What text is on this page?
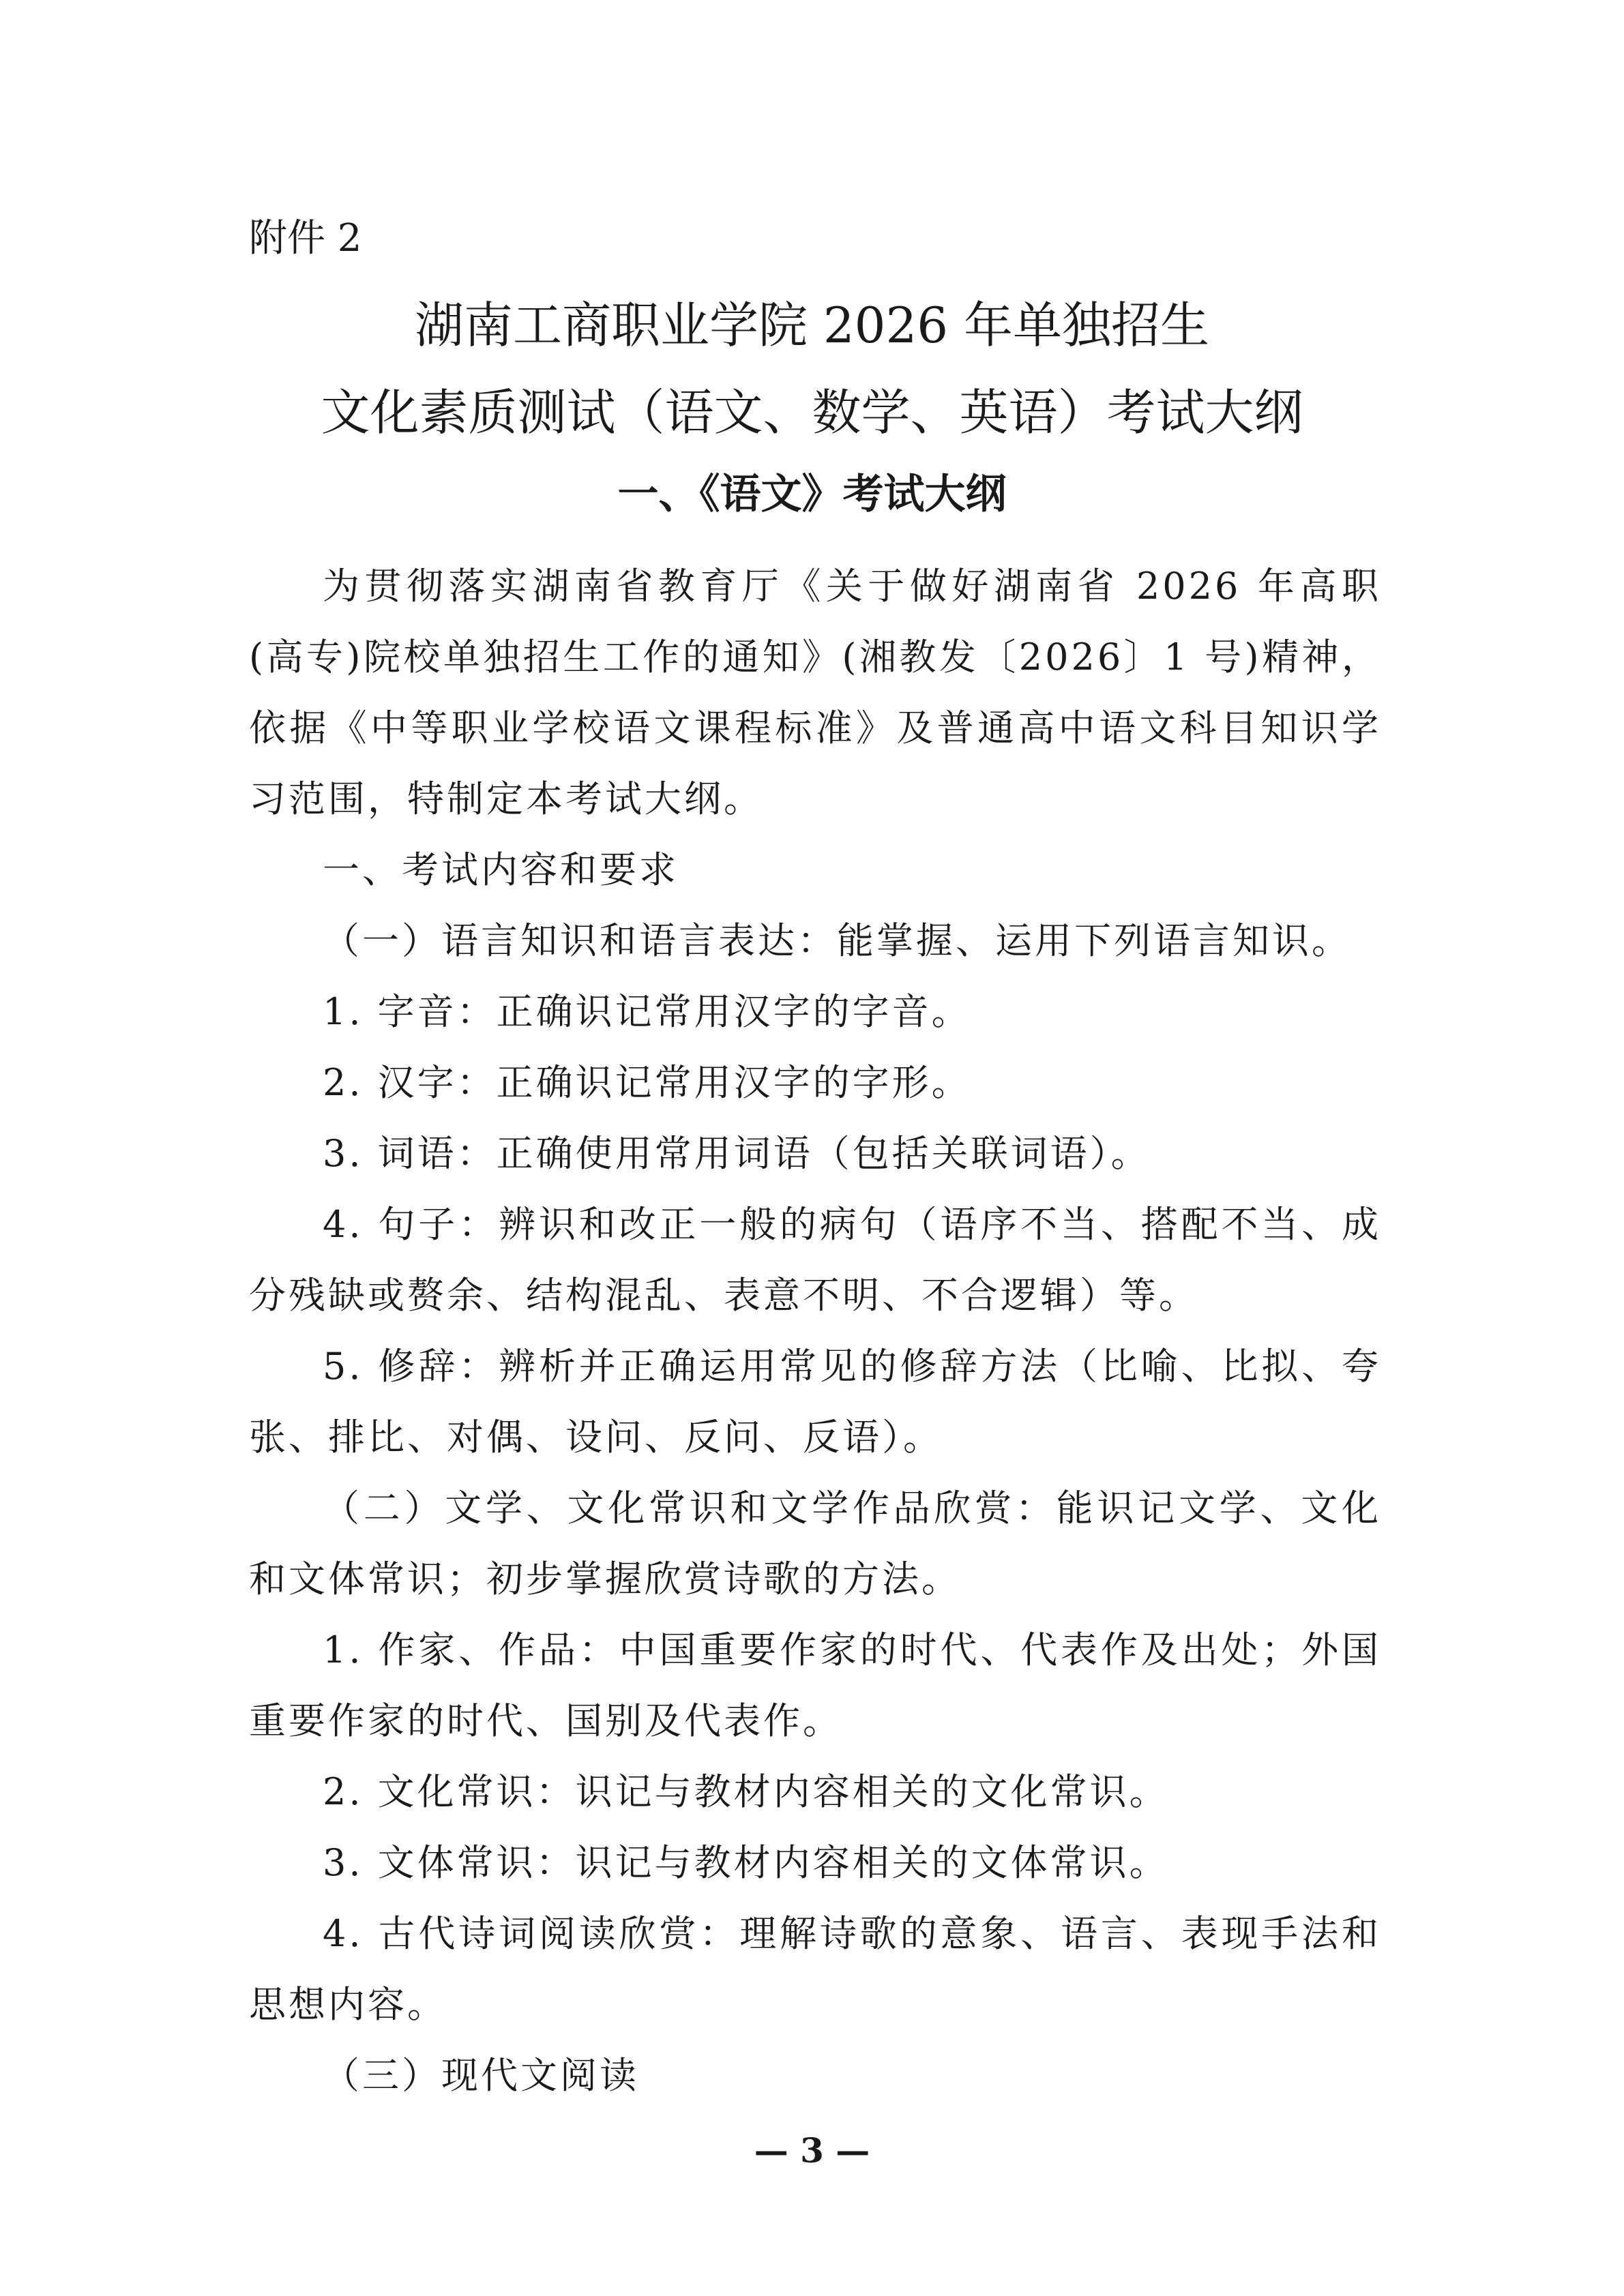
附件 2
湖南工商职业学院 2026 年单独招生
文化素质测试（语文、数学、英语）考试大纲
一、《语文》考试大纲

为贯彻落实湖南省教育厅《关于做好湖南省 2026 年高职(高专)院校单独招生工作的通知》(湘教发〔2026〕1 号)精神，依据《中等职业学校语文课程标准》及普通高中语文科目知识学习范围，特制定本考试大纲。

一、考试内容和要求

（一）语言知识和语言表达：能掌握、运用下列语言知识。

1. 字音：正确识记常用汉字的字音。

2. 汉字：正确识记常用汉字的字形。

3. 词语：正确使用常用词语（包括关联词语）。

4. 句子：辨识和改正一般的病句（语序不当、搭配不当、成分残缺或赘余、结构混乱、表意不明、不合逻辑）等。

5. 修辞：辨析并正确运用常见的修辞方法（比喻、比拟、夸张、排比、对偶、设问、反问、反语）。

（二）文学、文化常识和文学作品欣赏：能识记文学、文化和文体常识；初步掌握欣赏诗歌的方法。

1. 作家、作品：中国重要作家的时代、代表作及出处；外国重要作家的时代、国别及代表作。

2. 文化常识：识记与教材内容相关的文化常识。

3. 文体常识：识记与教材内容相关的文体常识。

4. 古代诗词阅读欣赏：理解诗歌的意象、语言、表现手法和思想内容。

（三）现代文阅读

— 3 —
